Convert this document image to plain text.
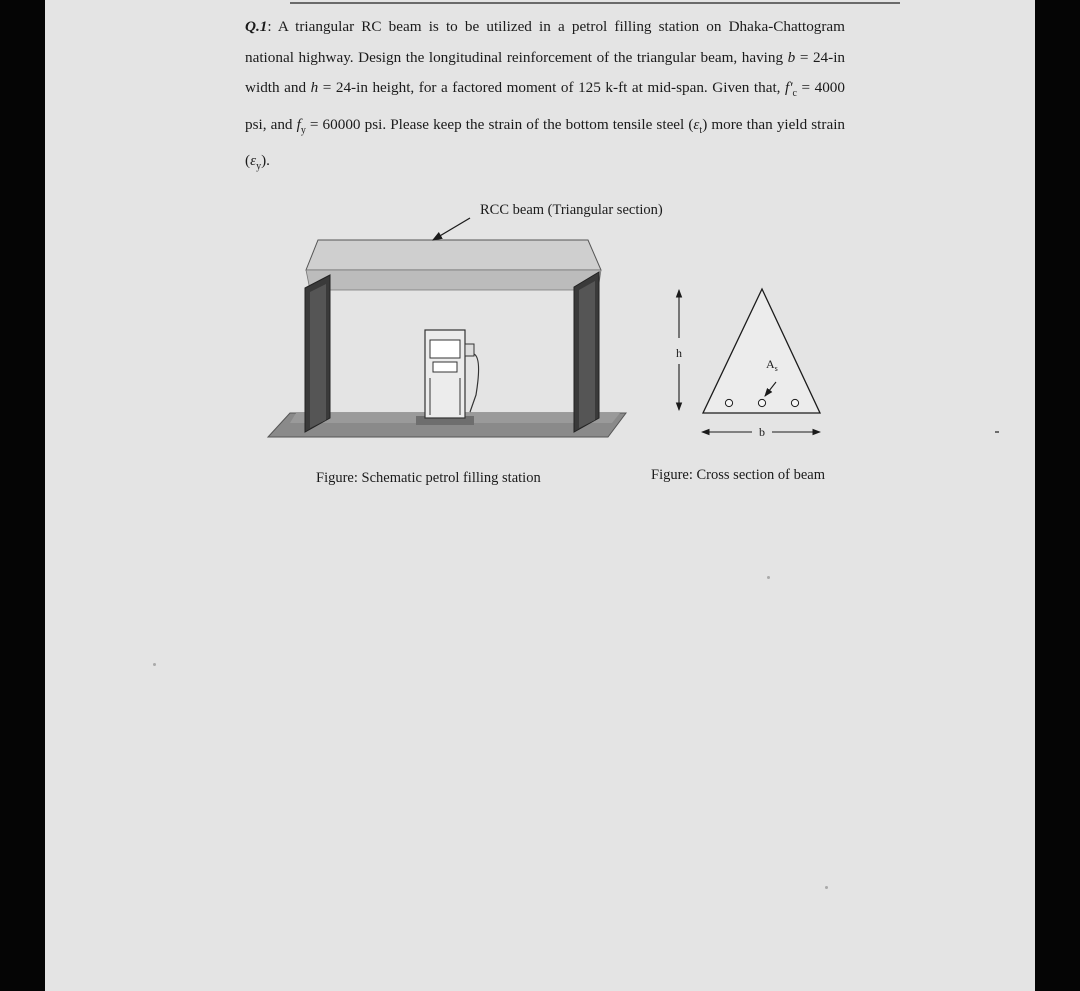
Q.1: A triangular RC beam is to be utilized in a petrol filling station on Dhaka-Chattogram national highway. Design the longitudinal reinforcement of the triangular beam, having b = 24-in width and h = 24-in height, for a factored moment of 125 k-ft at mid-span. Given that, $f'_c = 4000$ psi, and $f_y = 60000$ psi. Please keep the strain of the bottom tensile steel $(\varepsilon_t)$ more than yield strain $(\varepsilon_y)$.
RCC beam (Triangular section)
Figure: Schematic petrol filling station	Figure: Cross section of beam
h
$A_s$
b
